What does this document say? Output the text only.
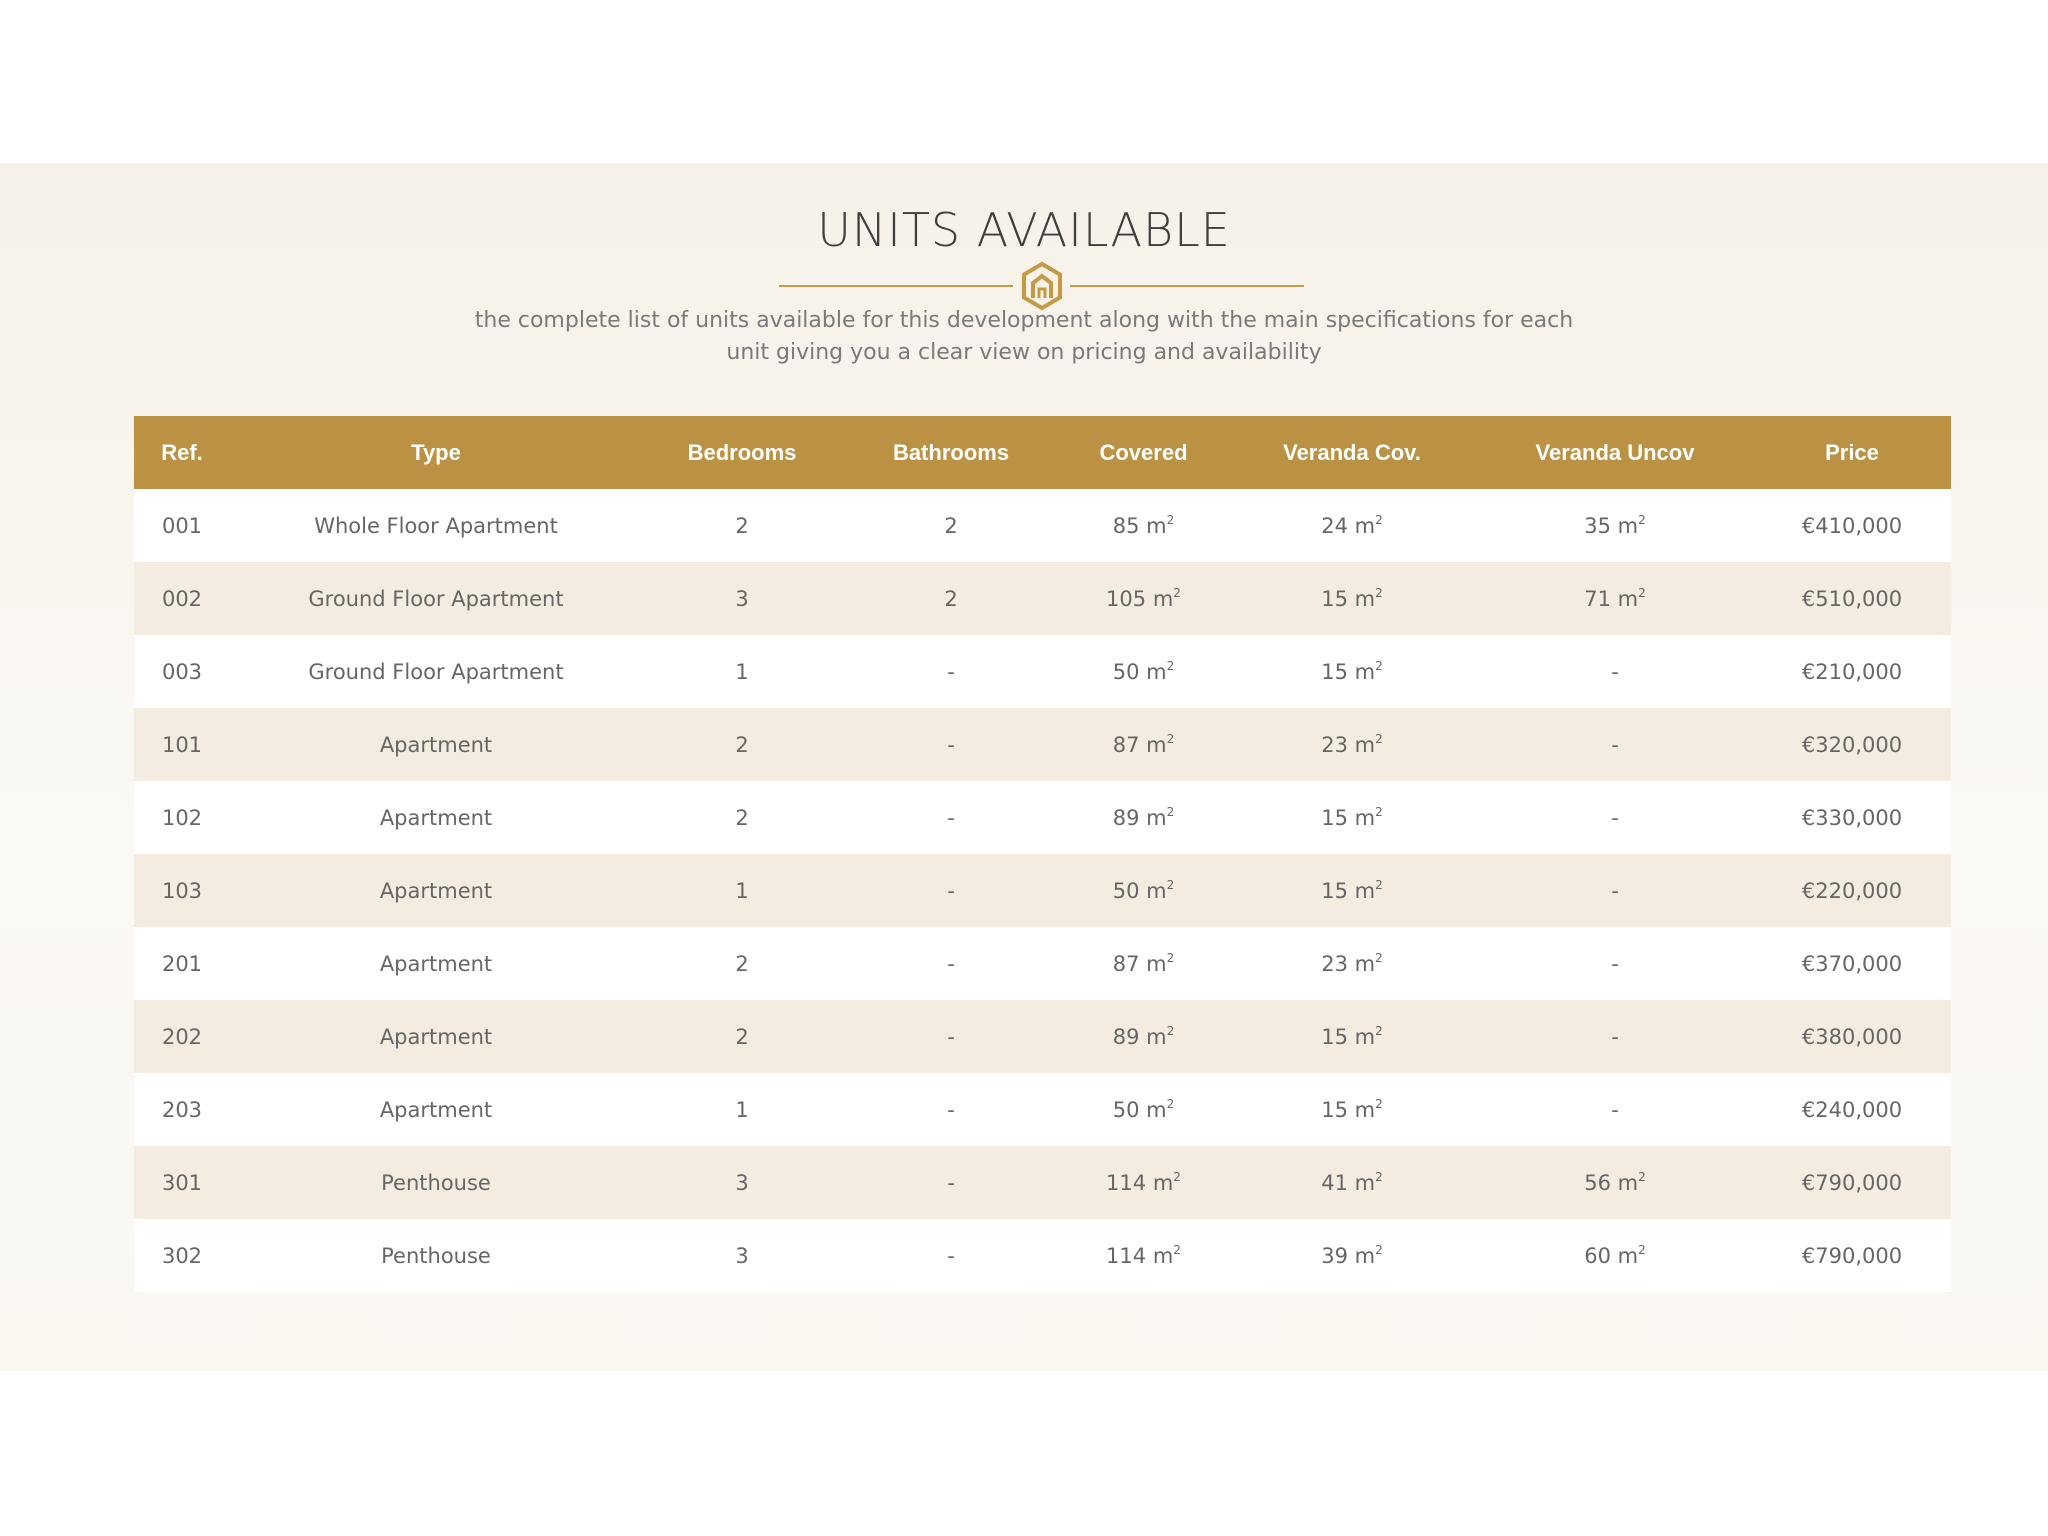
UNITS AVAILABLE

the complete list of units available for this development along with the main specifications for each
unit giving you a clear view on pricing and availability

Ref.	Type	Bedrooms	Bathrooms	Covered	Veranda Cov.	Veranda Uncov	Price
001	Whole Floor Apartment	2	2	85 $m^2$	24 $m^2$	35 $m^2$	€410,000
002	Ground Floor Apartment	3	2	105 $m^2$	15 $m^2$	71 $m^2$	€510,000
003	Ground Floor Apartment	1	-	50 $m^2$	15 $m^2$	-	€210,000
101	Apartment	2	-	87 $m^2$	23 $m^2$	-	€320,000
102	Apartment	2	-	89 $m^2$	15 $m^2$	-	€330,000
103	Apartment	1	-	50 $m^2$	15 $m^2$	-	€220,000
201	Apartment	2	-	87 $m^2$	23 $m^2$	-	€370,000
202	Apartment	2	-	89 $m^2$	15 $m^2$	-	€380,000
203	Apartment	1	-	50 $m^2$	15 $m^2$	-	€240,000
301	Penthouse	3	-	114 $m^2$	41 $m^2$	56 $m^2$	€790,000
302	Penthouse	3	-	114 $m^2$	39 $m^2$	60 $m^2$	€790,000
